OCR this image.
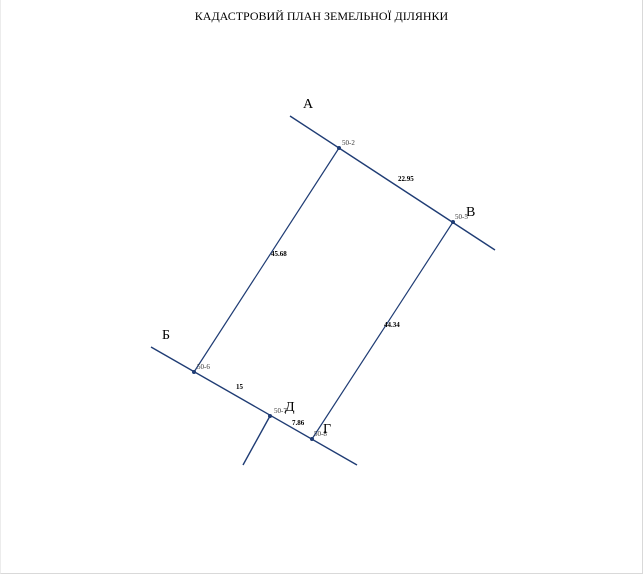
КАДАСТРОВИЙ ПЛАН ЗЕМЕЛЬНОЇ ДІЛЯНКИ
50-2
50-5
50-6
50-7
50-8
22.95
45.68
44.34
15
7.86
А
В
Б
Д
Г
